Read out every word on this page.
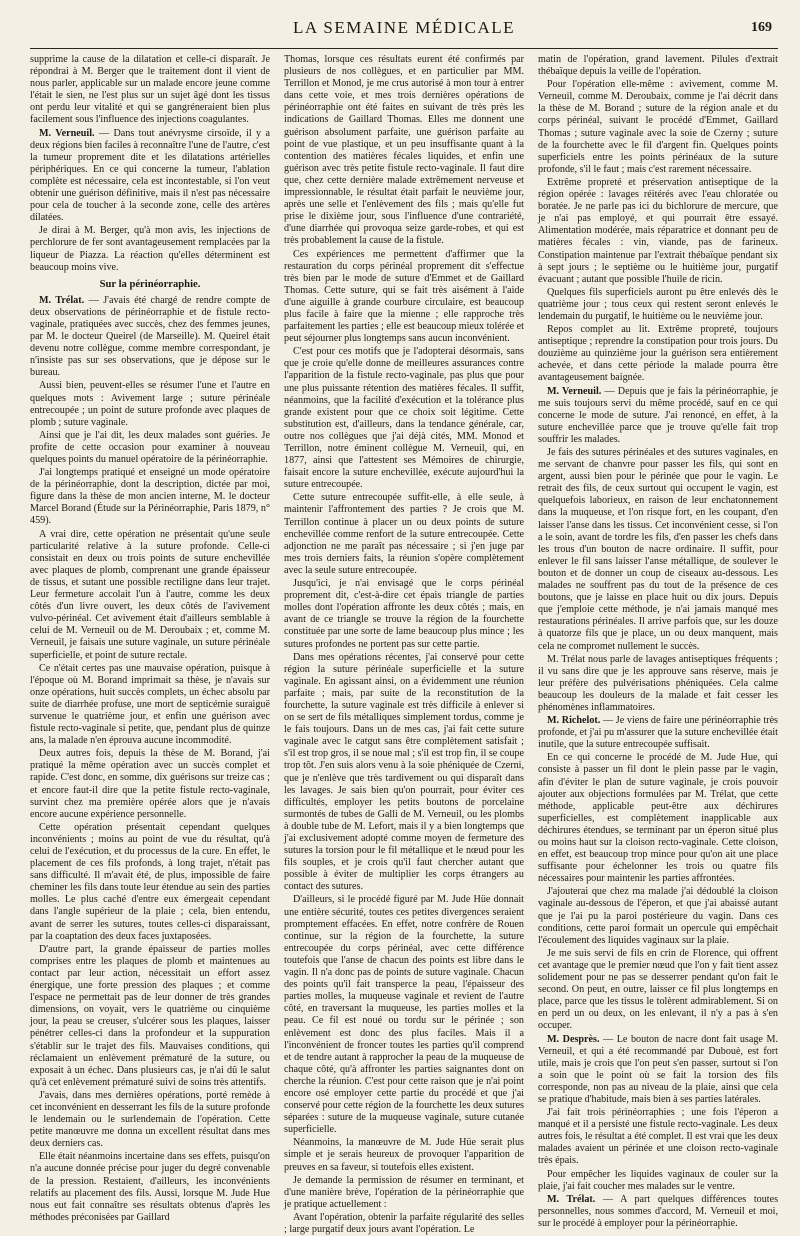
LA SEMAINE MÉDICALE	169

supprime la cause de la dilatation et celle-ci disparaît. Je répondrai à M. Berger que le traitement dont il vient de nous parler, applicable sur un malade encore jeune comme l'était le sien, ne l'est plus sur un sujet âgé dont les tissus ont perdu leur vitalité et qui se gangréneraient bien plus facilement sous l'influence des injections coagulantes.

M. Verneuil. — Dans tout anévrysme cirsoïde, il y a deux régions bien faciles à reconnaître l'une de l'autre, c'est la tumeur proprement dite et les dilatations artérielles périphériques. En ce qui concerne la tumeur, l'ablation complète est nécessaire, cela est incontestable, si l'on veut obtenir une guérison définitive, mais il n'est pas nécessaire pour cela de toucher à la seconde zone, celle des artères dilatées.

Je dirai à M. Berger, qu'à mon avis, les injections de perchlorure de fer sont avantageusement remplacées par la liqueur de Piazza. La réaction qu'elles déterminent est beaucoup moins vive.

Sur la périnéorraphie.

M. Trélat. — J'avais été chargé de rendre compte de deux observations de périnéorraphie et de fistule recto-vaginale, pratiquées avec succès, chez des femmes jeunes, par M. le docteur Queirel (de Marseille). M. Queirel était devenu notre collègue, comme membre correspondant, je n'insiste pas sur ses observations, que je dépose sur le bureau.

Aussi bien, peuvent-elles se résumer l'une et l'autre en quelques mots : Avivement large ; suture périnéale entrecoupée ; un point de suture profonde avec plaques de plomb ; suture vaginale.

Ainsi que je l'ai dit, les deux malades sont guéries. Je profite de cette occasion pour examiner à nouveau quelques points du manuel opératoire de la périnéorraphie.

J'ai longtemps pratiqué et enseigné un mode opératoire de la périnéorraphie, dont la description, dictée par moi, figure dans la thèse de mon ancien interne, M. le docteur Marcel Borand (Étude sur la Périnéorraphie, Paris 1879, n° 459).

A vrai dire, cette opération ne présentait qu'une seule particularité relative à la suture profonde. Celle-ci consistait en deux ou trois points de suture enchevillée avec plaques de plomb, comprenant une grande épaisseur de tissus, et sutant une possible rectiligne dans leur trajet. Leur fermeture accolait l'un à l'autre, comme les deux côtés d'un livre ouvert, les deux côtés de l'avivement vulvo-périnéal. Cet avivement était d'ailleurs semblable à celui de M. Verneuil ou de M. Deroubaix ; et, comme M. Verneuil, je faisais une suture vaginale, un suture périnéale superficielle, et point de suture rectale.

Ce n'était certes pas une mauvaise opération, puisque à l'époque où M. Borand imprimait sa thèse, je n'avais sur onze opérations, huit succès complets, un échec absolu par suite de diarrhée profuse, une mort de septicémie suraiguë survenue le quatrième jour, et enfin une guérison avec fistule recto-vaginale si petite, que, pendant plus de quinze ans, la malade n'en éprouva aucune incommodité.

Deux autres fois, depuis la thèse de M. Borand, j'ai pratiqué la même opération avec un succès complet et rapide. C'est donc, en somme, dix guérisons sur treize cas ; et encore faut-il dire que la petite fistule recto-vaginale, survint chez ma première opérée alors que je n'avais encore aucune expérience personnelle.

Cette opération présentait cependant quelques inconvénients ; moins au point de vue du résultat, qu'à celui de l'exécution, et du processus de la cure. En effet, le placement de ces fils profonds, à long trajet, n'était pas sans difficulté. Il m'avait été, de plus, impossible de faire cheminer les fils dans toute leur étendue au sein des parties molles. Le plus caché d'entre eux émergeait cependant dans l'angle supérieur de la plaie ; cela, bien entendu, avant de serrer les sutures, toutes celles-ci disparaissant, par la coaptation des deux faces juxtaposées.

D'autre part, la grande épaisseur de parties molles comprises entre les plaques de plomb et maintenues au contact par leur action, nécessitait un effort assez énergique, une forte pression des plaques ; et comme l'espace ne permettait pas de leur donner de très grandes dimensions, on voyait, vers le quatrième ou cinquième jour, la peau se creuser, s'ulcérer sous les plaques, laisser pénétrer celles-ci dans la profondeur et la suppuration s'établir sur le trajet des fils. Mauvaises conditions, qui réclamaient un enlèvement prématuré de la suture, ou exposait à un échec. Dans plusieurs cas, je n'ai dû le salut qu'à cet enlèvement prématuré suivi de soins très attentifs.

J'avais, dans mes dernières opérations, porté remède à cet inconvénient en desserrant les fils de la suture profonde le lendemain ou le surlendemain de l'opération. Cette petite manœuvre me donna un excellent résultat dans mes deux derniers cas.

Elle était néanmoins incertaine dans ses effets, puisqu'on n'a aucune donnée précise pour juger du degré convenable de la pression. Restaient, d'ailleurs, les inconvénients relatifs au placement des fils. Aussi, lorsque M. Jude Hue nous eut fait connaître ses résultats obtenus d'après les méthodes préconisées par Gaillard

Thomas, lorsque ces résultats eurent été confirmés par plusieurs de nos collègues, et en particulier par MM. Terrillon et Monod, je me crus autorisé à mon tour à entrer dans cette voie, et mes trois dernières opérations de périnéorraphie ont été faites en suivant de très près les indications de Gaillard Thomas. Elles me donnent une guérison absolument parfaite, une guérison parfaite au point de vue plastique, et un peu insuffisante quant à la contention des matières fécales liquides, et enfin une guérison avec très petite fistule recto-vaginale. Il faut dire que, chez cette dernière malade extrêmement nerveuse et impressionnable, le résultat était parfait le neuvième jour, après une selle et l'enlèvement des fils ; mais qu'elle fut prise le dixième jour, sous l'influence d'une contrariété, d'une diarrhée qui provoqua seize garde-robes, et qui est très probablement la cause de la fistule.

Ces expériences me permettent d'affirmer que la restauration du corps périnéal proprement dit s'effectue très bien par le mode de suture d'Emmet et de Gaillard Thomas. Cette suture, qui se fait très aisément à l'aide d'une aiguille à grande courbure circulaire, est beaucoup plus facile à faire que la mienne ; elle rapproche très parfaitement les parties ; elle est beaucoup mieux tolérée et peut séjourner plus longtemps sans aucun inconvénient.

C'est pour ces motifs que je l'adopterai désormais, sans que je croie qu'elle donne de meilleures assurances contre l'apparition de la fistule recto-vaginale, pas plus que pour une plus puissante rétention des matières fécales. Il suffit, néanmoins, que la facilité d'exécution et la tolérance plus grande existent pour que ce choix soit légitime. Cette substitution est, d'ailleurs, dans la tendance générale, car, outre nos collègues que j'ai déjà cités, MM. Monod et Terrillon, notre éminent collègue M. Verneuil, qui, en 1877, ainsi que l'attestent ses Mémoires de chirurgie, faisait encore la suture enchevillée, exécute aujourd'hui la suture entrecoupée.

Cette suture entrecoupée suffit-elle, à elle seule, à maintenir l'affrontement des parties ? Je crois que M. Terrillon continue à placer un ou deux points de suture enchevillée comme renfort de la suture entrecoupée. Cette adjonction ne me paraît pas nécessaire ; si j'en juge par mes trois derniers faits, la réunion s'opère complètement avec la seule suture entrecoupée.

Jusqu'ici, je n'ai envisagé que le corps périnéal proprement dit, c'est-à-dire cet épais triangle de parties molles dont l'opération affronte les deux côtés ; mais, en avant de ce triangle se trouve la région de la fourchette constituée par une sorte de lame beaucoup plus mince ; les sutures profondes ne portent pas sur cette partie.

Dans mes opérations récentes, j'ai conservé pour cette région la suture périnéale superficielle et la suture vaginale. En agissant ainsi, on a évidemment une réunion parfaite ; mais, par suite de la reconstitution de la fourchette, la suture vaginale est très difficile à enlever si on se sert de fils métalliques simplement tordus, comme je le fais toujours. Dans un de mes cas, j'ai fait cette suture vaginale avec le catgut sans être complètement satisfait ; s'il est trop gros, il se noue mal ; s'il est trop fin, il se coupe trop tôt. J'en suis alors venu à la soie phéniquée de Czerni, que je n'enlève que très tardivement ou qui disparaît dans les lavages. Je sais bien qu'on pourrait, pour éviter ces difficultés, employer les petits boutons de porcelaine surmontés de tubes de Galli de M. Verneuil, ou les plombs à double tube de M. Lefort, mais il y a bien longtemps que j'ai exclusivement adopté comme moyen de fermeture des sutures la torsion pour le fil métallique et le nœud pour les fils souples, et je crois qu'il faut chercher autant que possible à éviter de multiplier les corps étrangers au contact des sutures.

D'ailleurs, si le procédé figuré par M. Jude Hüe donnait une entière sécurité, toutes ces petites divergences seraient promptement effacées. En effet, notre confrère de Rouen continue, sur la région de la fourchette, la suture entrecoupée du corps périnéal, avec cette différence toutefois que l'anse de chacun des points est libre dans le vagin. Il n'a donc pas de points de suture vaginale. Chacun des points qu'il fait transperce la peau, l'épaisseur des parties molles, la muqueuse vaginale et revient de l'autre côté, en traversant la muqueuse, les parties molles et la peau. Ce fil est noué ou tordu sur le périnée ; son enlèvement est donc des plus faciles. Mais il a l'inconvénient de froncer toutes les parties qu'il comprend et de tendre autant à rapprocher la peau de la muqueuse de chaque côté, qu'à affronter les parties saignantes dont on cherche la réunion. C'est pour cette raison que je n'ai point encore osé employer cette partie du procédé et que j'ai conservé pour cette région de la fourchette les deux sutures séparées : suture de la muqueuse vaginale, suture cutanée superficielle.

Néanmoins, la manœuvre de M. Jude Hüe serait plus simple et je serais heureux de provoquer l'apparition de preuves en sa faveur, si toutefois elles existent.

Je demande la permission de résumer en terminant, et d'une manière brève, l'opération de la périnéorraphie que je pratique actuellement :

Avant l'opération, obtenir la parfaite régularité des selles ; large purgatif deux jours avant l'opération. Le

matin de l'opération, grand lavement. Pilules d'extrait thébaïque depuis la veille de l'opération.

Pour l'opération elle-même : avivement, comme M. Verneuil, comme M. Deroubaix, comme je l'ai décrit dans la thèse de M. Borand ; suture de la région anale et du corps périnéal, suivant le procédé d'Emmet, Gaillard Thomas ; suture vaginale avec la soie de Czerny ; suture de la fourchette avec le fil d'argent fin. Quelques points superficiels entre les points périnéaux de la suture profonde, s'il le faut ; mais c'est rarement nécessaire.

Extrême propreté et préservation antiseptique de la région opérée : lavages réitérés avec l'eau chloratée ou boratée. Je ne parle pas ici du bichlorure de mercure, que je n'ai pas employé, et qui pourrait être essayé. Alimentation modérée, mais réparatrice et donnant peu de matières fécales : vin, viande, pas de farineux. Constipation maintenue par l'extrait thébaïque pendant six à sept jours ; le septième ou le huitième jour, purgatif évacuant ; autant que possible l'huile de ricin.

Quelques fils superficiels auront pu être enlevés dès le quatrième jour ; tous ceux qui restent seront enlevés le lendemain du purgatif, le huitième ou le neuvième jour.

Repos complet au lit. Extrême propreté, toujours antiseptique ; reprendre la constipation pour trois jours. Du douzième au quinzième jour la guérison sera entièrement achevée, et dans cette période la malade pourra être avantageusement baignée.

M. Verneuil. — Depuis que je fais la périnéorraphie, je me suis toujours servi du même procédé, sauf en ce qui concerne le mode de suture. J'ai renoncé, en effet, à la suture enchevillée parce que je trouve qu'elle fait trop souffrir les malades.

Je fais des sutures périnéales et des sutures vaginales, en me servant de chanvre pour passer les fils, qui sont en argent, aussi bien pour le périnée que pour le vagin. Le retrait des fils, de ceux surtout qui occupent le vagin, est quelquefois laborieux, en raison de leur enchatonnement dans la muqueuse, et l'on risque fort, en les coupant, d'en laisser l'anse dans les tissus. Cet inconvénient cesse, si l'on a le soin, avant de tordre les fils, d'en passer les chefs dans les trous d'un bouton de nacre ordinaire. Il suffit, pour enlever le fil sans laisser l'anse métallique, de soulever le bouton et de donner un coup de ciseaux au-dessous. Les malades ne souffrent pas du tout de la présence de ces boutons, que je laisse en place huit ou dix jours. Depuis que j'emploie cette méthode, je n'ai jamais manqué mes restaurations périnéales. Il arrive parfois que, sur les douze à quatorze fils que je place, un ou deux manquent, mais cela ne compromet nullement le succès.

M. Trélat nous parle de lavages antiseptiques fréquents ; il vu sans dire que je les approuve sans réserve, mais je leur préfère des pulvérisations phéniquées. Cela calme beaucoup les douleurs de la malade et fait cesser les phénomènes inflammatoires.

M. Richelot. — Je viens de faire une périnéorraphie très profonde, et j'ai pu m'assurer que la suture enchevillée était inutile, que la suture entrecoupée suffisait.

En ce qui concerne le procédé de M. Jude Hue, qui consiste à passer un fil dont le plein passe par le vagin, afin d'éviter le plan de suture vaginale, je crois pouvoir ajouter aux objections formulées par M. Trélat, que cette méthode, applicable peut-être aux déchirures superficielles, est complètement inapplicable aux déchirures étendues, se terminant par un éperon situé plus ou moins haut sur la cloison recto-vaginale. Cette cloison, en effet, est beaucoup trop mince pour qu'on ait une place suffisante pour échelonner les trois ou quatre fils nécessaires pour maintenir les parties affrontées.

J'ajouterai que chez ma malade j'ai dédoublé la cloison vaginale au-dessous de l'éperon, et que j'ai abaissé autant que je l'ai pu la paroi postérieure du vagin. Dans ces conditions, cette paroi formait un opercule qui empêchait l'écoulement des liquides vaginaux sur la plaie.

Je me suis servi de fils en crin de Florence, qui offrent cet avantage que le premier nœud que l'on y fait tient assez solidement pour ne pas se desserrer pendant qu'on fait le second. On peut, en outre, laisser ce fil plus longtemps en place, parce que les tissus le tolèrent admirablement. Si on en perd un ou deux, on les enlevant, il n'y a pas à s'en occuper.

M. Desprès. — Le bouton de nacre dont fait usage M. Verneuil, et qui a été recommandé par Dubouè, est fort utile, mais je crois que l'on peut s'en passer, surtout si l'on a soin que le point où se fait la torsion des fils corresponde, non pas au niveau de la plaie, ainsi que cela se pratique d'habitude, mais bien à ses parties latérales.

J'ai fait trois périnéorraphies ; une fois l'éperon a manqué et il a persisté une fistule recto-vaginale. Les deux autres fois, le résultat a été complet. Il est vrai que les deux malades avaient un périnée et une cloison recto-vaginale très épais.

Pour empêcher les liquides vaginaux de couler sur la plaie, j'ai fait coucher mes malades sur le ventre.

M. Trélat. — A part quelques différences toutes personnelles, nous sommes d'accord, M. Verneuil et moi, sur le procédé à employer pour la périnéorraphie.
